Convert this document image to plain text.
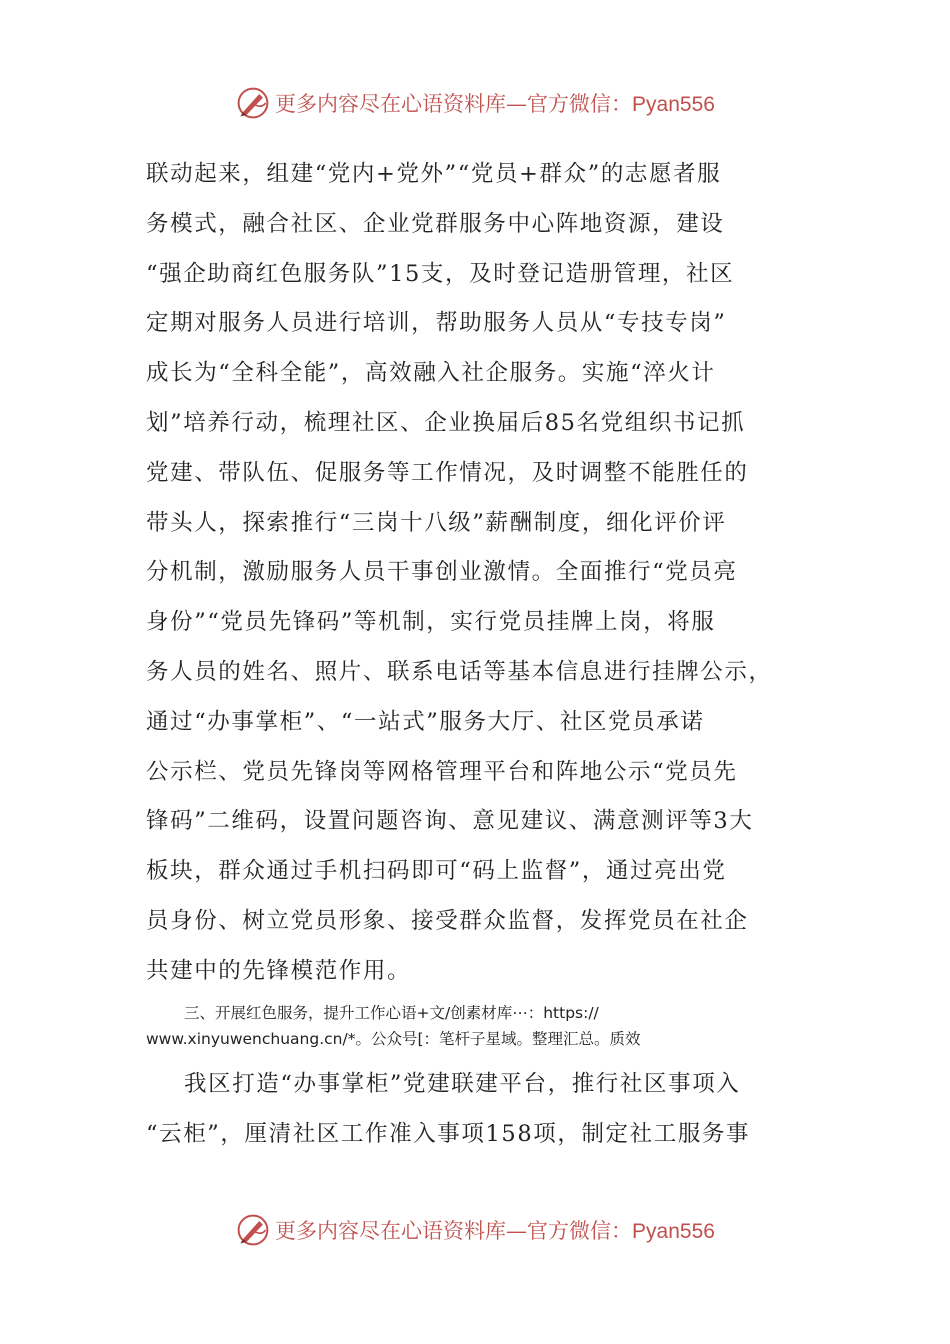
更多内容尽在心语资料库—官方微信：Pyan556
联动起来，组建“党内+党外”“党员+群众”的志愿者服
务模式，融合社区、企业党群服务中心阵地资源，建设
“强企助商红色服务队”15支，及时登记造册管理，社区
定期对服务人员进行培训，帮助服务人员从“专技专岗”
成长为“全科全能”，高效融入社企服务。实施“淬火计
划”培养行动，梳理社区、企业换届后85名党组织书记抓
党建、带队伍、促服务等工作情况，及时调整不能胜任的
带头人，探索推行“三岗十八级”薪酬制度，细化评价评
分机制，激励服务人员干事创业激情。全面推行“党员亮
身份”“党员先锋码”等机制，实行党员挂牌上岗，将服
务人员的姓名、照片、联系电话等基本信息进行挂牌公示，
通过“办事掌柜”、“一站式”服务大厅、社区党员承诺
公示栏、党员先锋岗等网格管理平台和阵地公示“党员先
锋码”二维码，设置问题咨询、意见建议、满意测评等3大
板块，群众通过手机扫码即可“码上监督”，通过亮出党
员身份、树立党员形象、接受群众监督，发挥党员在社企
共建中的先锋模范作用。
三、开展红色服务，提升工作心语+文/创素材库⋯：https://
www.xinyuwenchuang.cn/*。公众号[：笔杆子星域。整理汇总。质效
我区打造“办事掌柜”党建联建平台，推行社区事项入
“云柜”，厘清社区工作准入事项158项，制定社工服务事
更多内容尽在心语资料库—官方微信：Pyan556
